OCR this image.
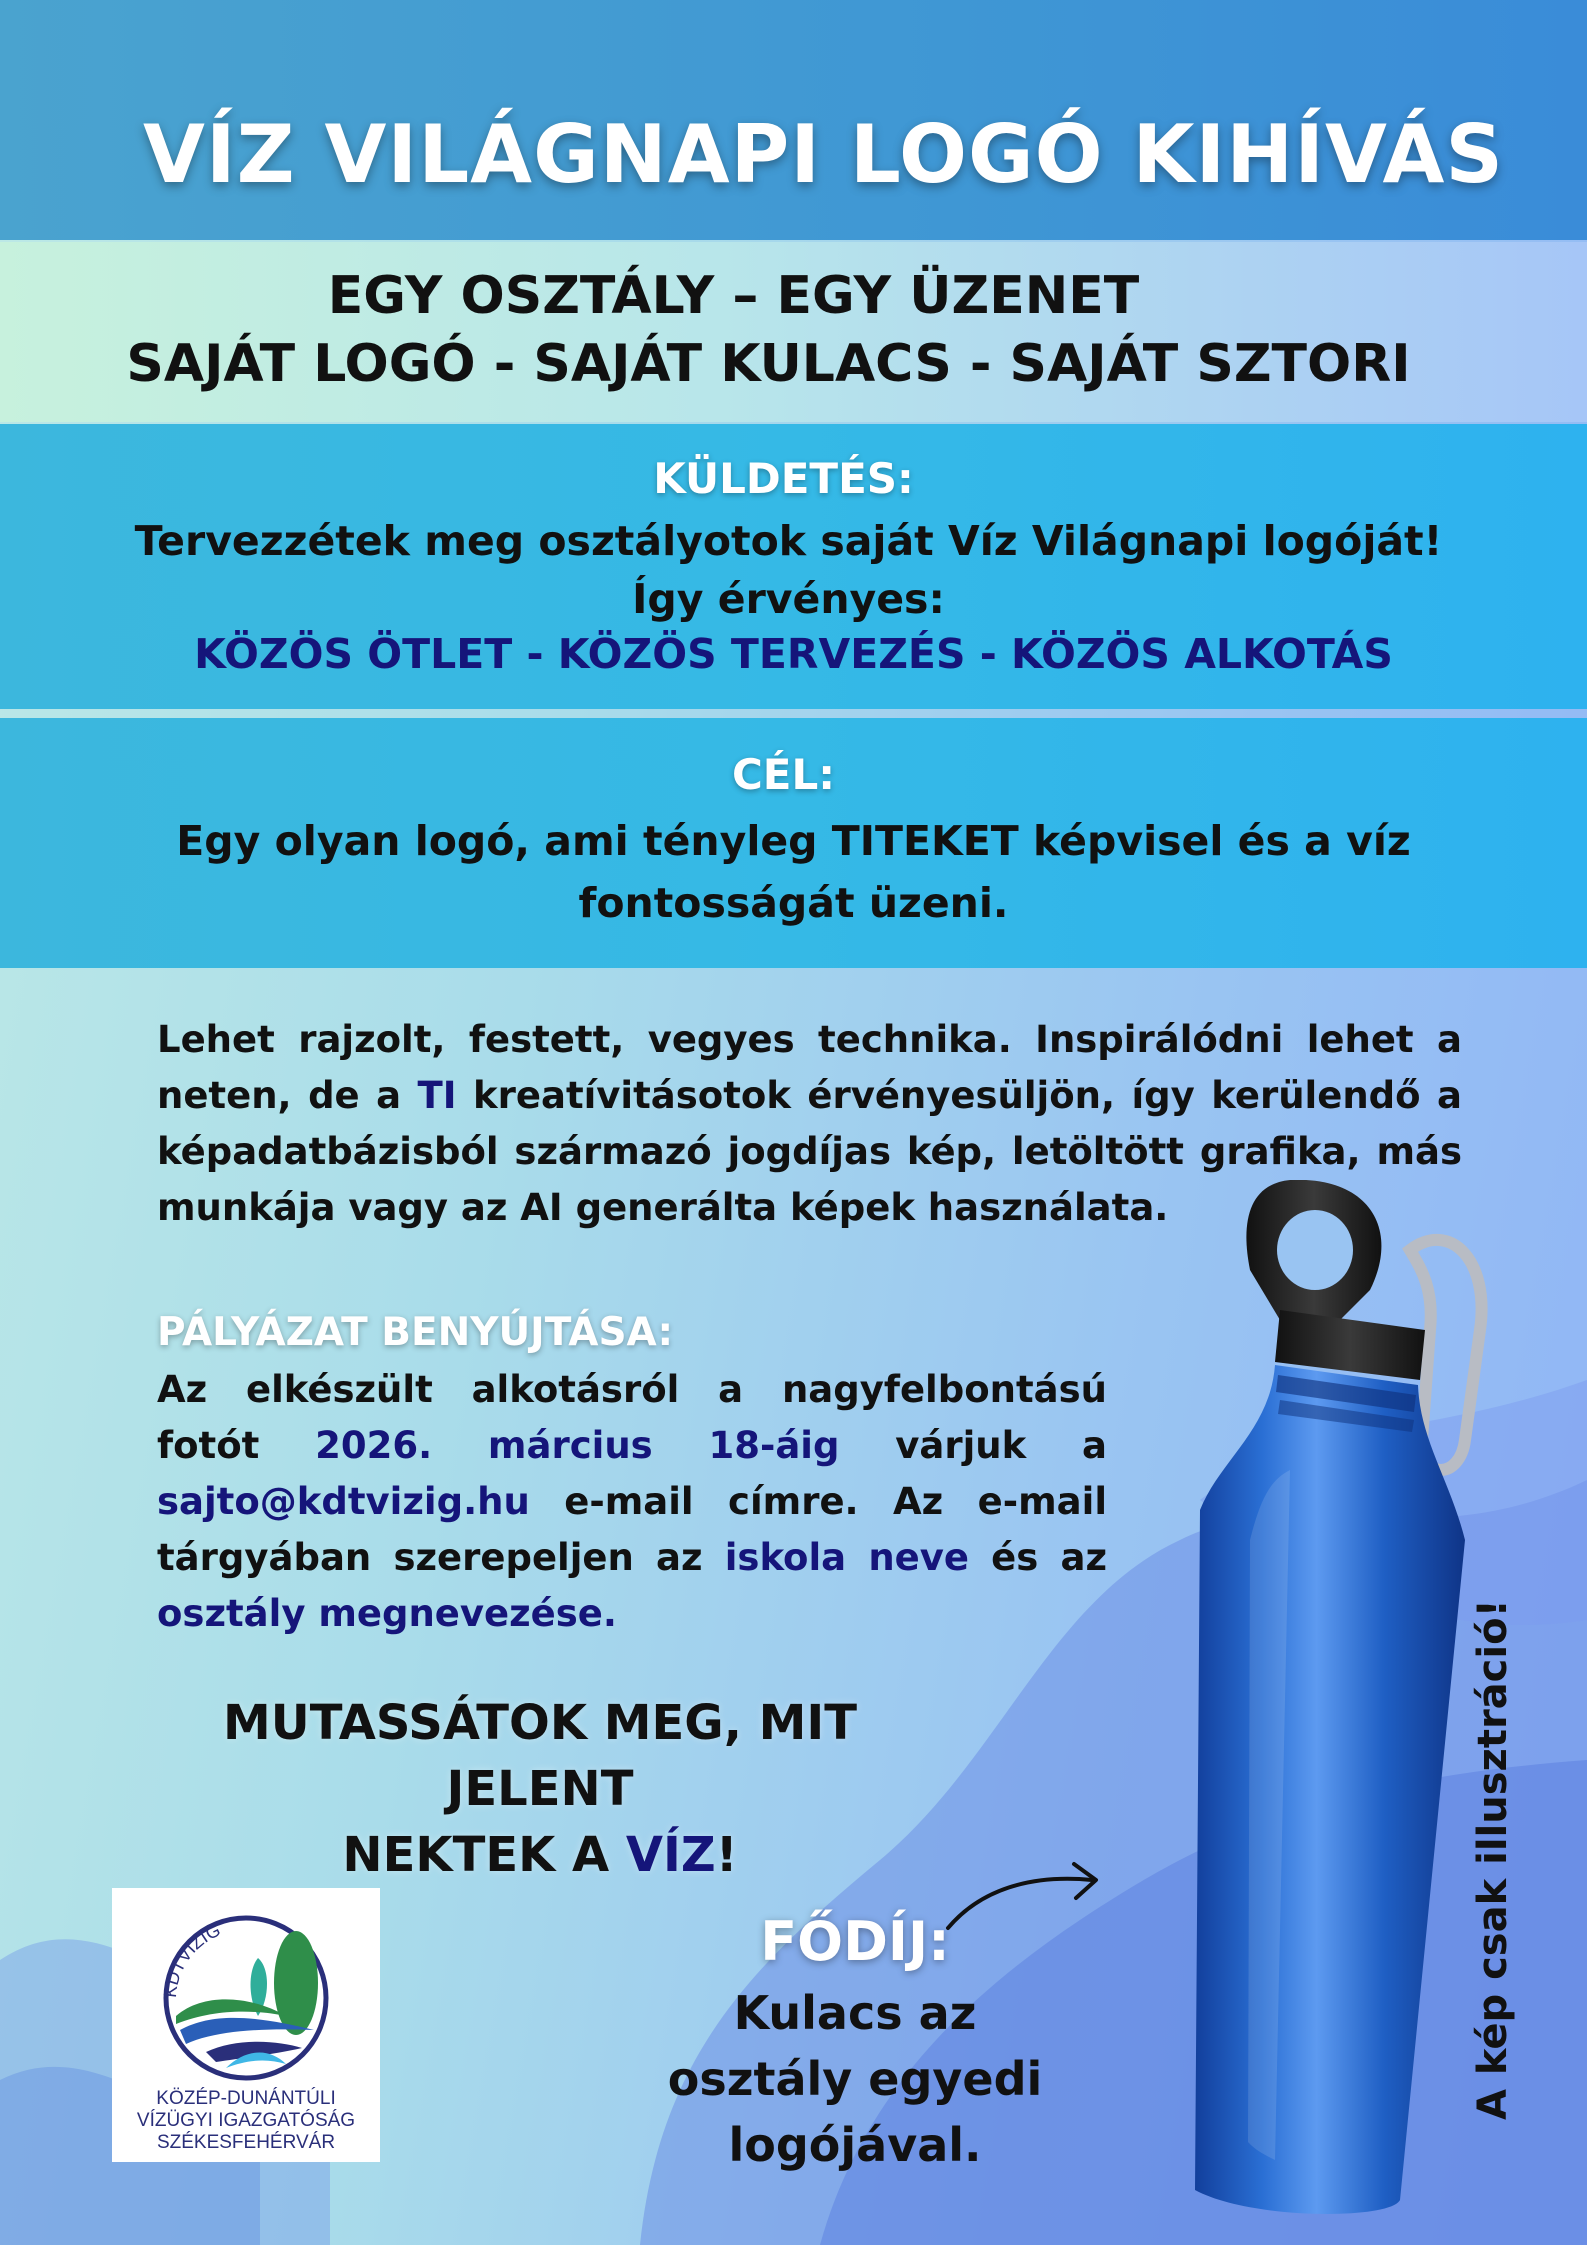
VÍZ VILÁGNAPI LOGÓ KIHÍVÁS
EGY OSZTÁLY – EGY ÜZENET
SAJÁT LOGÓ - SAJÁT KULACS - SAJÁT SZTORI
KÜLDETÉS:
Tervezzétek meg osztályotok saját Víz Világnapi logóját!
Így érvényes:
KÖZÖS ÖTLET - KÖZÖS TERVEZÉS - KÖZÖS ALKOTÁS
CÉL:
Egy olyan logó, ami tényleg TITEKET képvisel és a víz fontosságát üzeni.
Lehet rajzolt, festett, vegyes technika. Inspirálódni lehet a neten, de a TI kreatívitásotok érvényesüljön, így kerülendő a képadatbázisból származó jogdíjas kép, letöltött grafika, más munkája vagy az AI generálta képek használata.
PÁLYÁZAT BENYÚJTÁSA:
Az elkészült alkotásról a nagyfelbontású fotót 2026. március 18-áig várjuk a sajto@kdtvizig.hu e-mail címre. Az e-mail tárgyában szerepeljen az iskola neve és az osztály megnevezése.
MUTASSÁTOK MEG, MIT JELENT
NEKTEK A VÍZ!
KDTVIZIG
KÖZÉP-DUNÁNTÚLI
VÍZÜGYI IGAZGATÓSÁG
SZÉKESFEHÉRVÁR
FŐDÍJ:
Kulacs az osztály egyedi logójával.
A kép csak illusztráció!
